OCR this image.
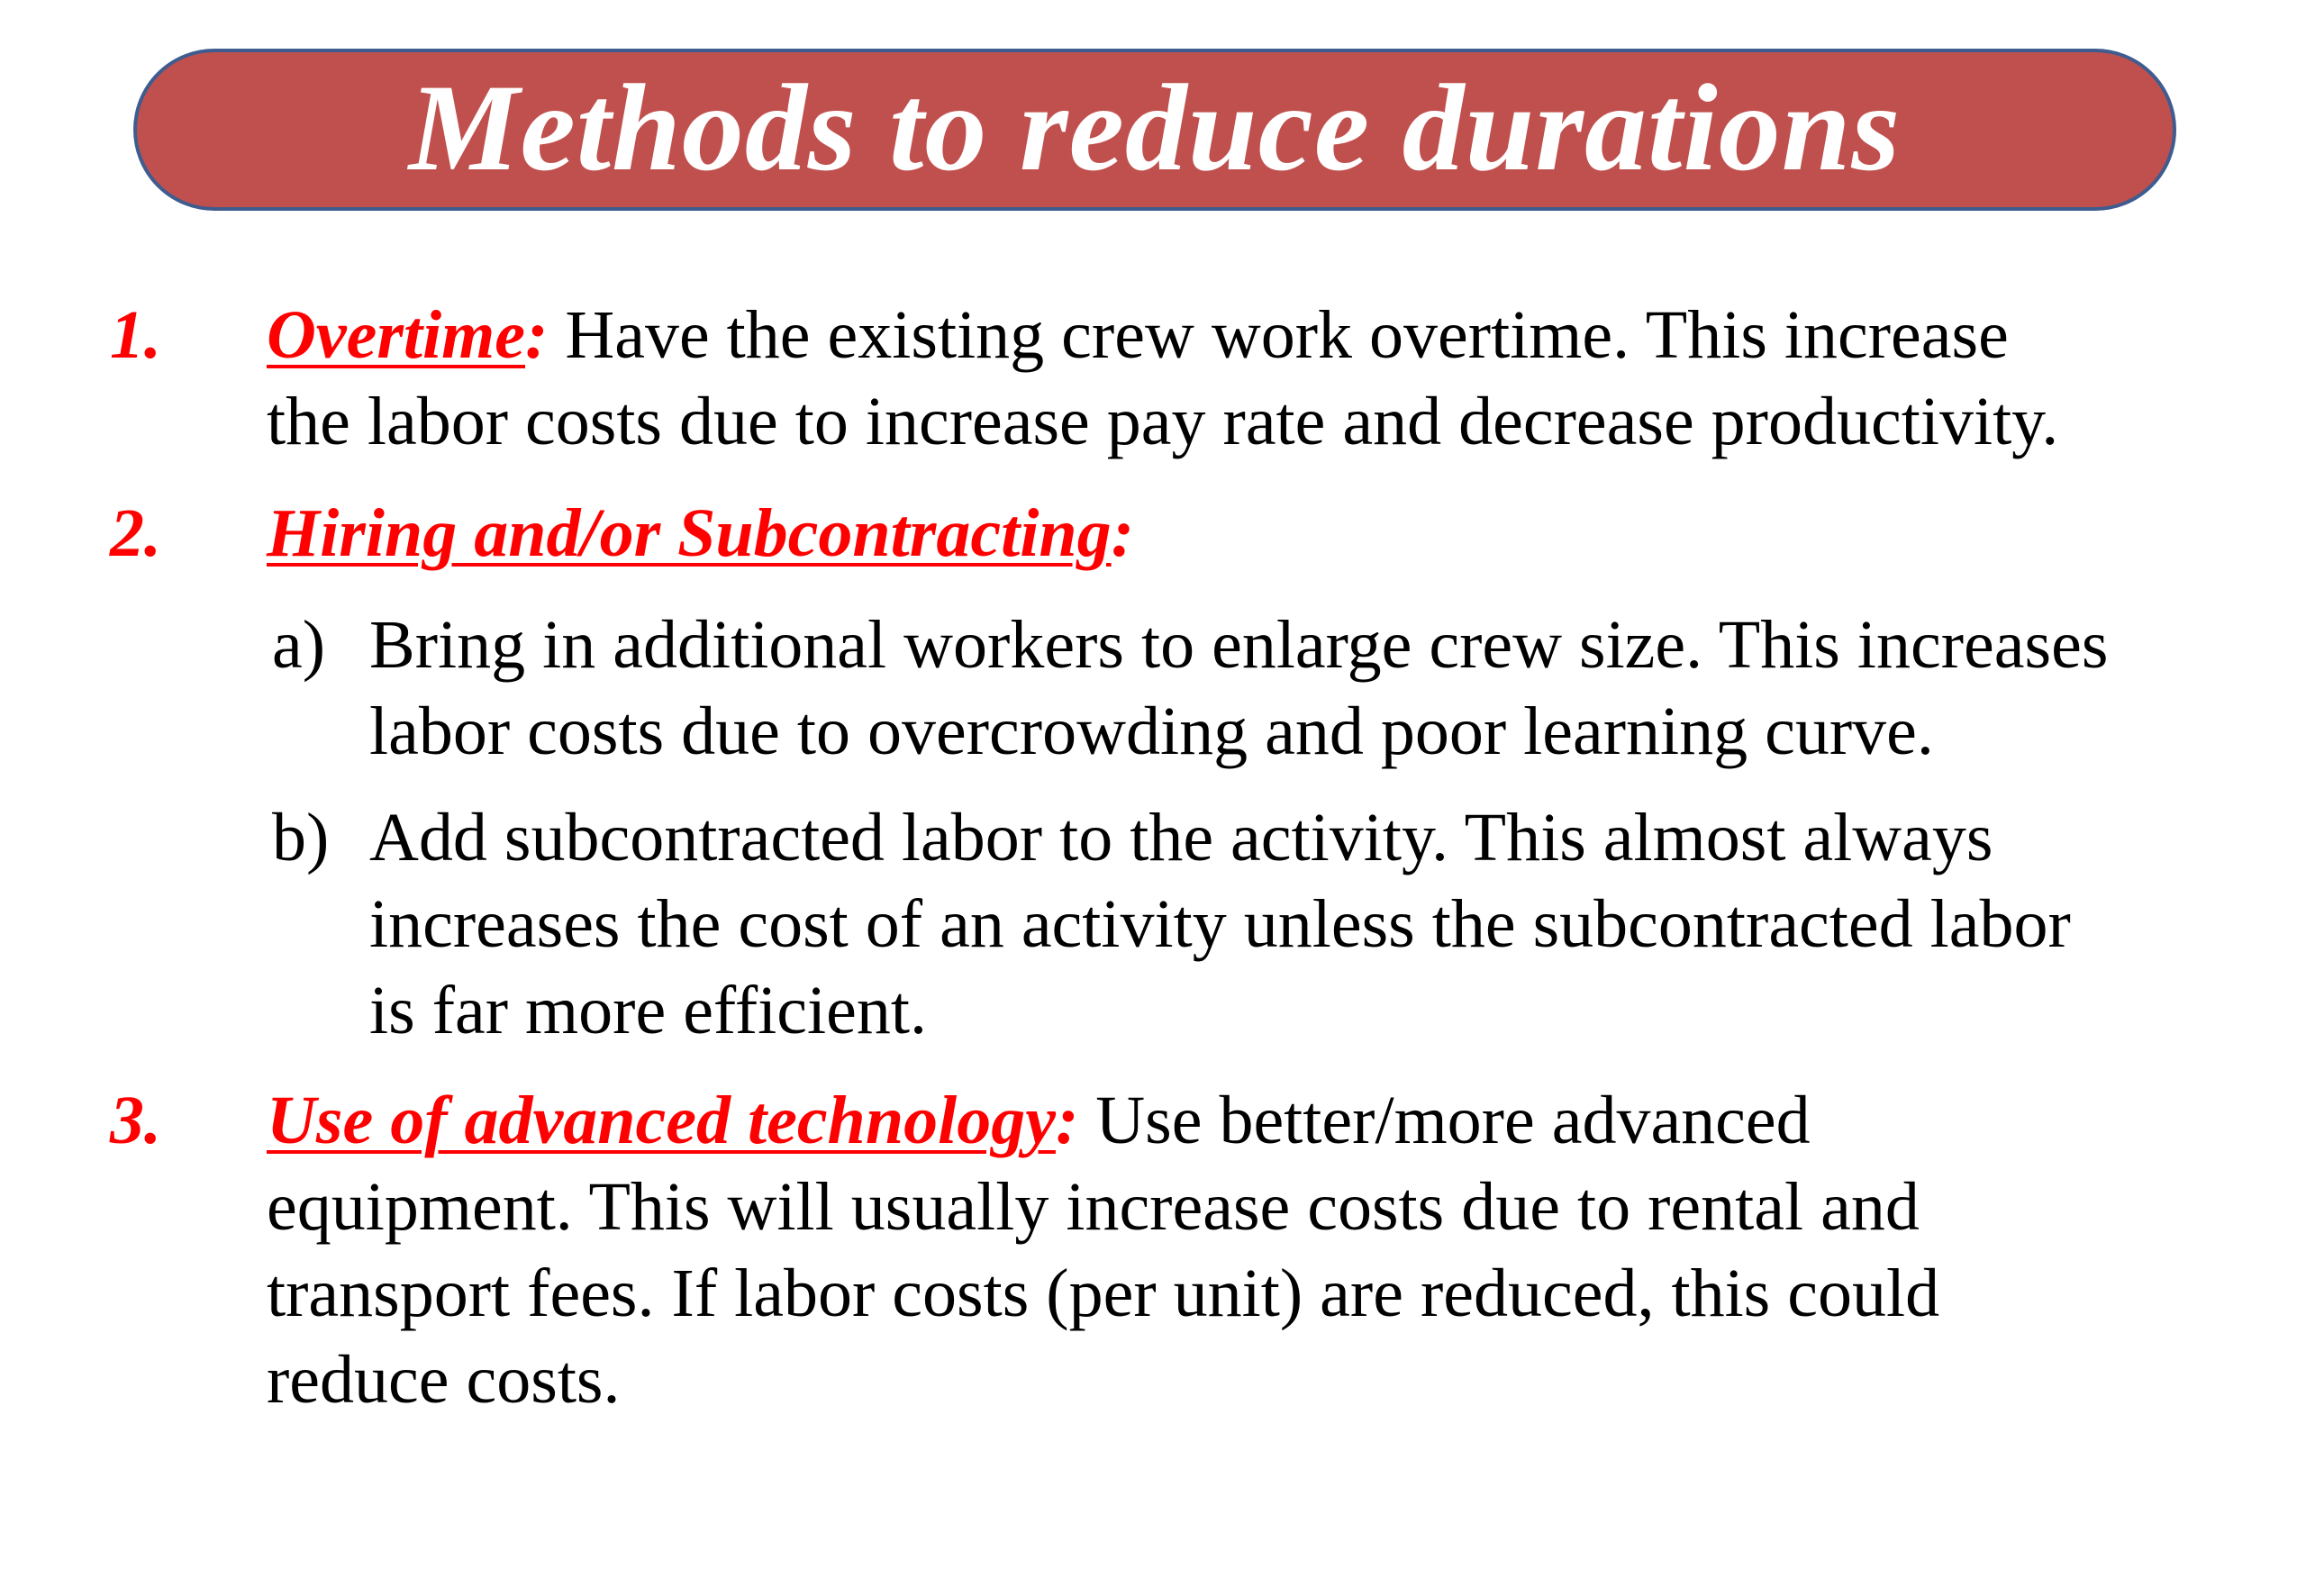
Methods to reduce durations
1. Overtime: Have the existing crew work overtime. This increase
the labor costs due to increase pay rate and decrease productivity.
2. Hiring and/or Subcontracting:
a) Bring in additional workers to enlarge crew size. This increases
labor costs due to overcrowding and poor learning curve.
b) Add subcontracted labor to the activity. This almost always
increases the cost of an activity unless the subcontracted labor
is far more efficient.
3. Use of advanced technology: Use better/more advanced
equipment. This will usually increase costs due to rental and
transport fees. If labor costs (per unit) are reduced, this could
reduce costs.
